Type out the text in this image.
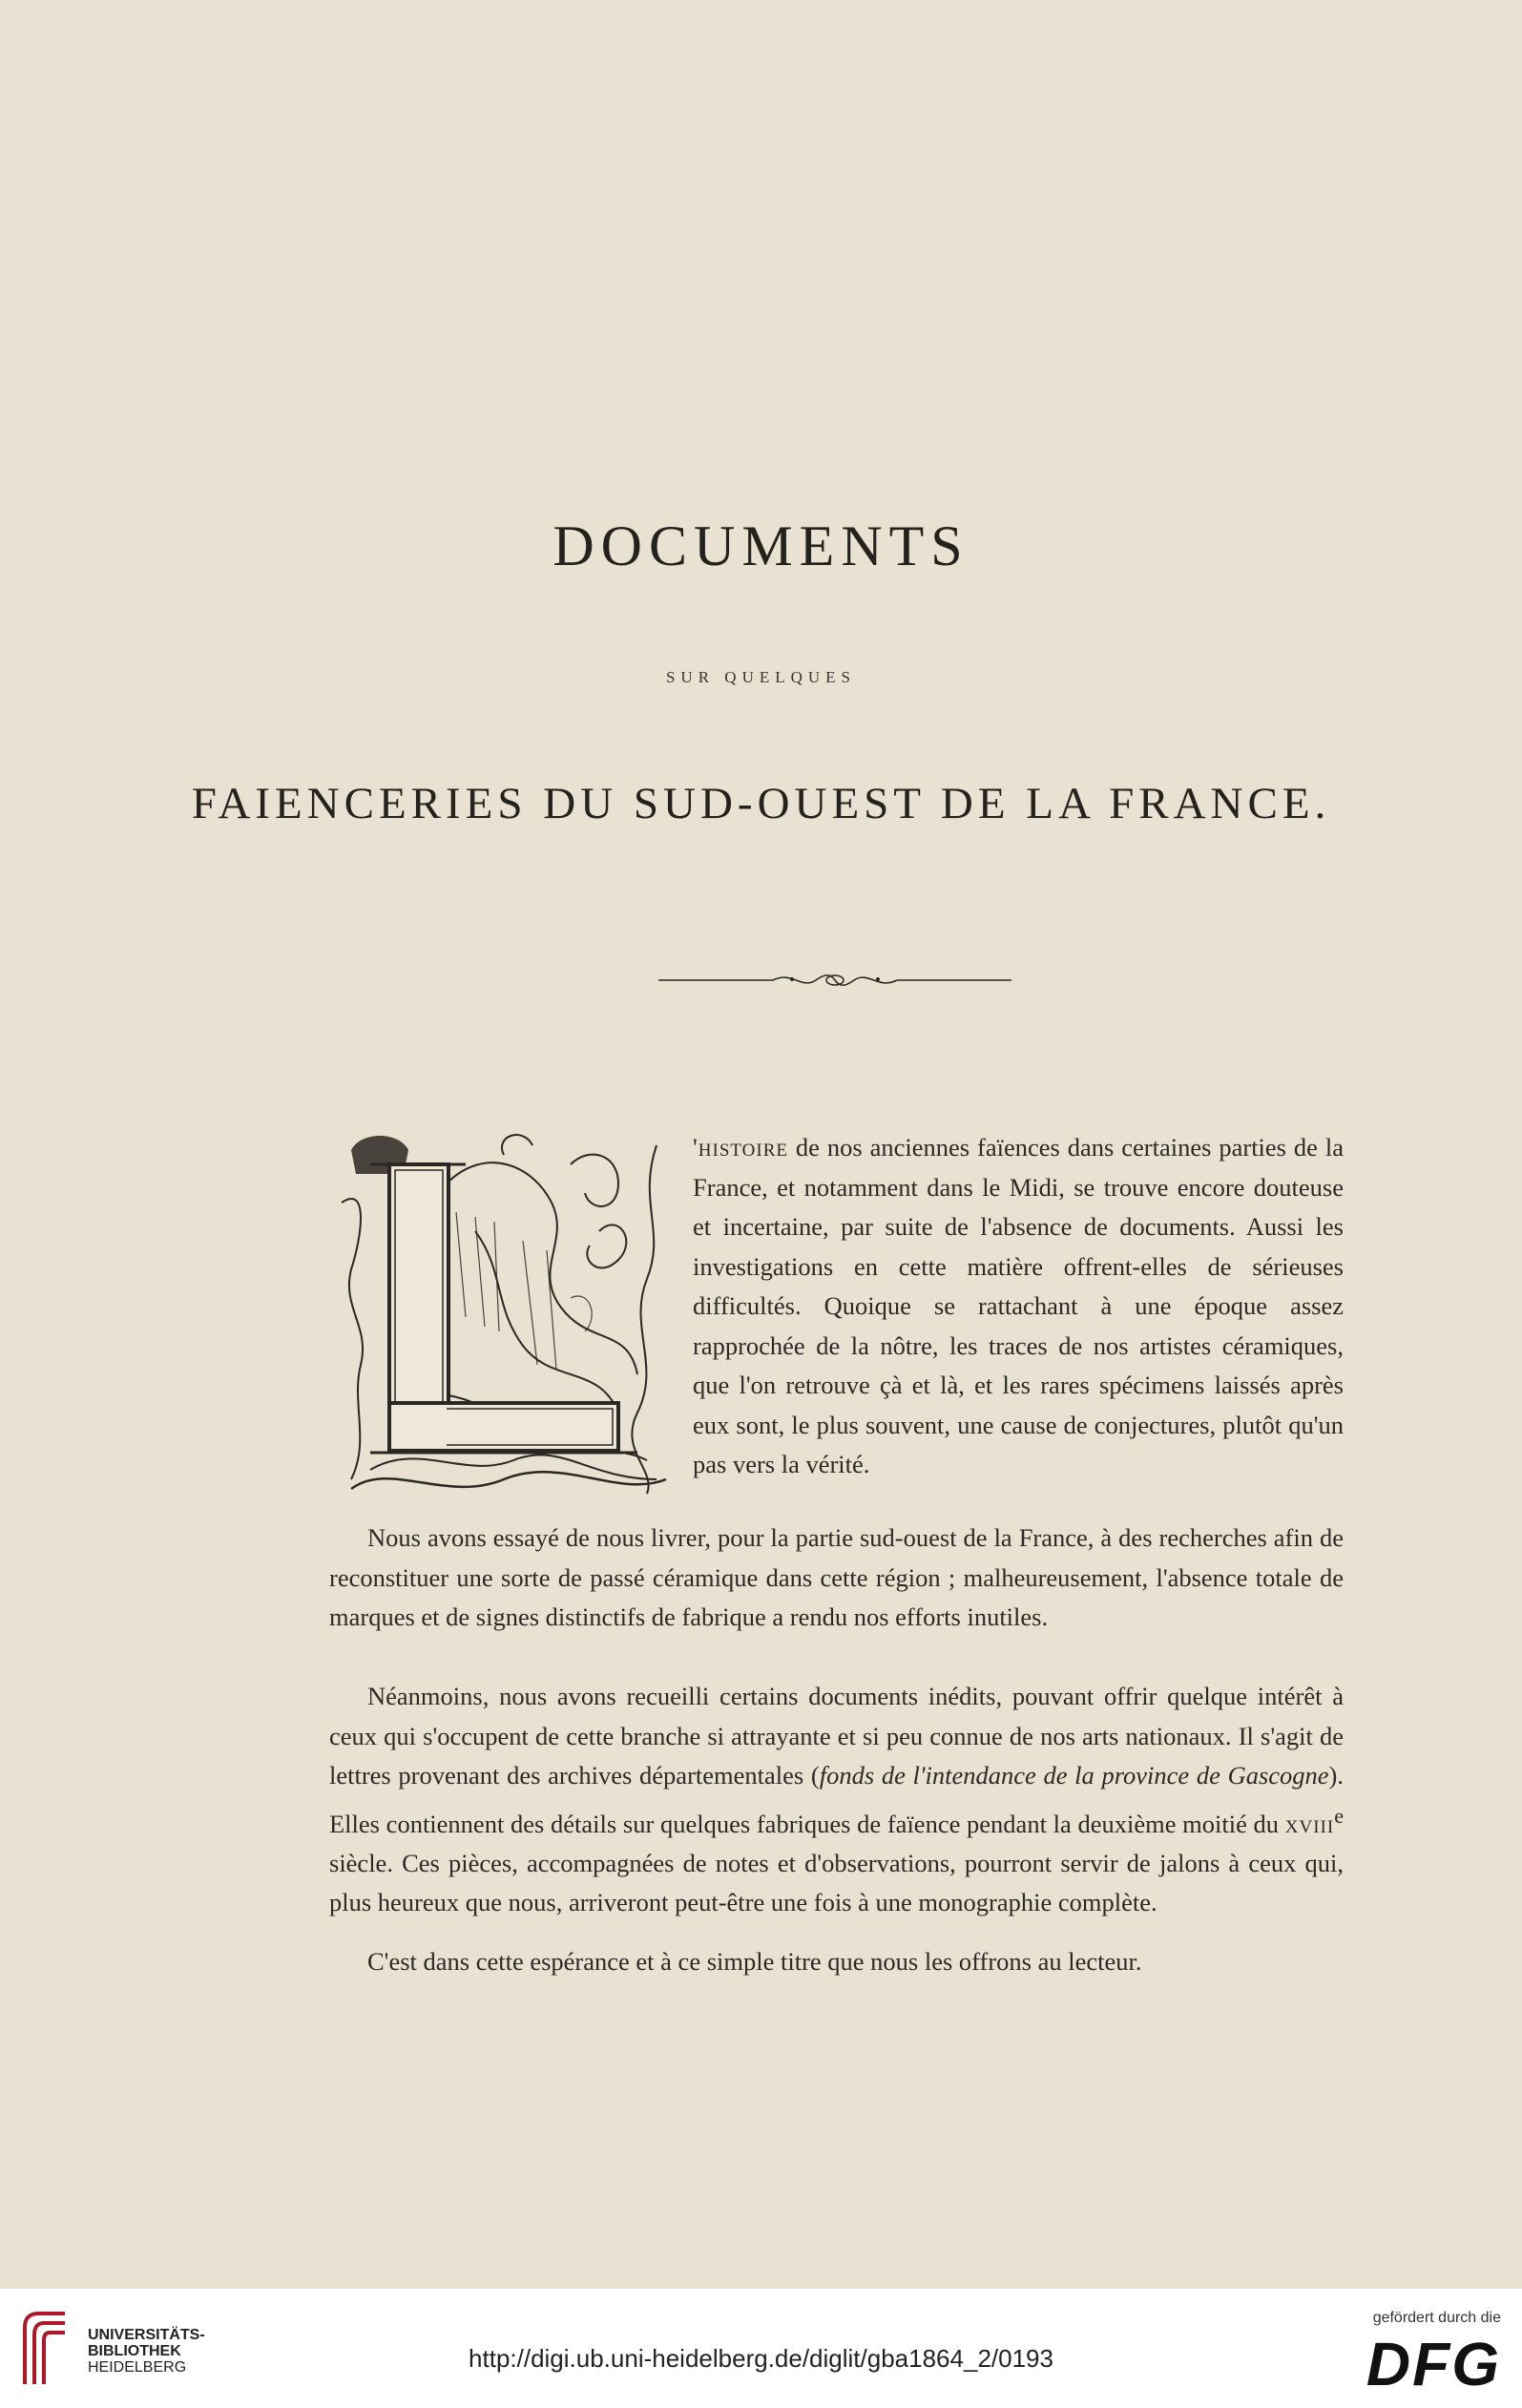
DOCUMENTS
SUR QUELQUES
FAIENCERIES DU SUD-OUEST DE LA FRANCE.

'histoire de nos anciennes faïences dans certaines parties de la France, et notamment dans le Midi, se trouve encore douteuse et incertaine, par suite de l'absence de documents. Aussi les investigations en cette matière offrent-elles de sérieuses difficultés. Quoique se rattachant à une époque assez rapprochée de la nôtre, les traces de nos artistes céramiques, que l'on retrouve çà et là, et les rares spécimens laissés après eux sont, le plus souvent, une cause de conjectures, plutôt qu'un pas vers la vérité.

Nous avons essayé de nous livrer, pour la partie sud-ouest de la France, à des recherches afin de reconstituer une sorte de passé céramique dans cette région ; malheureusement, l'absence totale de marques et de signes distinctifs de fabrique a rendu nos efforts inutiles.

Néanmoins, nous avons recueilli certains documents inédits, pouvant offrir quelque intérêt à ceux qui s'occupent de cette branche si attrayante et si peu connue de nos arts nationaux. Il s'agit de lettres provenant des archives départementales (fonds de l'intendance de la province de Gascogne). Elles contiennent des détails sur quelques fabriques de faïence pendant la deuxième moitié du xviii$^e$ siècle. Ces pièces, accompagnées de notes et d'observations, pourront servir de jalons à ceux qui, plus heureux que nous, arriveront peut-être une fois à une monographie complète.

C'est dans cette espérance et à ce simple titre que nous les offrons au lecteur.

UNIVERSITÄTS-
BIBLIOTHEK
HEIDELBERG	http://digi.ub.uni-heidelberg.de/diglit/gba1864_2/0193
gefördert durch die
DFG
